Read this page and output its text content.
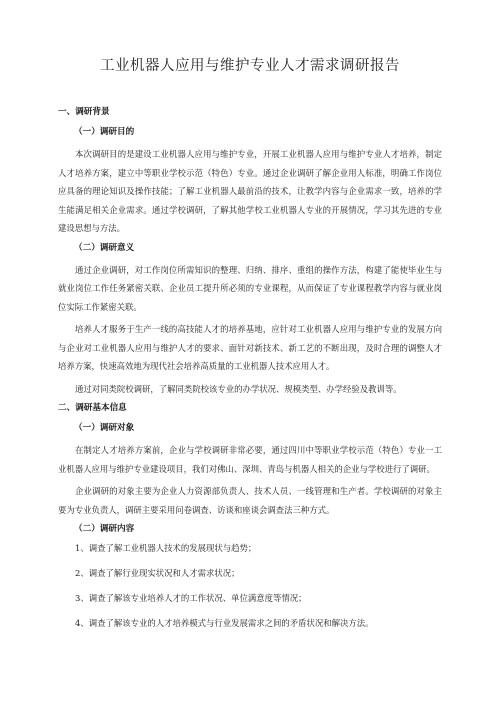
工业机器人应用与维护专业人才需求调研报告
一、调研背景
（一）调研目的

本次调研目的是建设工业机器人应用与维护专业，开展工业机器人应用与维护专业人才培养，制定人才培养方案，建立中等职业学校示范（特色）专业。通过企业调研了解企业用人标准，明确工作岗位应具备的理论知识及操作技能；了解工业机器人最前沿的技术，让教学内容与企业需求一致，培养的学生能满足相关企业需求。通过学校调研，了解其他学校工业机器人专业的开展情况，学习其先进的专业建设思想与方法。

（二）调研意义

通过企业调研，对工作岗位所需知识的整理、归纳、排序、重组的操作方法，构建了能使毕业生与就业岗位工作任务紧密关联、企业员工提升所必须的专业课程，从而保证了专业课程教学内容与就业岗位实际工作紧密关联。

培养人才服务于生产一线的高技能人才的培养基地，应针对工业机器人应用与维护专业的发展方向与企业对工业机器人应用与维护人才的要求、面针对新技术、新工艺的不断出现，及时合理的调整人才培养方案，快速高效地为现代社会培养高质量的工业机器人技术应用人才。

通过对同类院校调研，了解同类院校该专业的办学状况、规模类型、办学经验及教训等。

二、调研基本信息
（一）调研对象

在制定人才培养方案前，企业与学校调研非常必要，通过四川中等职业学校示范（特色）专业一工业机器人应用与维护专业建设项目，我们对佛山、深圳、青岛与机器人相关的企业与学校进行了调研。

企业调研的对象主要为企业人力资源部负责人、技术人员、一线管理和生产者。学校调研的对象主要为专业负责人，调研主要采用问卷调查、访谈和座谈会调查法三种方式。

（二）调研内容
1、调查了解工业机器人技术的发展现状与趋势；
2、调查了解行业现实状况和人才需求状况；
3、调查了解该专业培养人才的工作状况、单位满意度等情况；
4、调查了解该专业的人才培养模式与行业发展需求之间的矛盾状况和解决方法。
